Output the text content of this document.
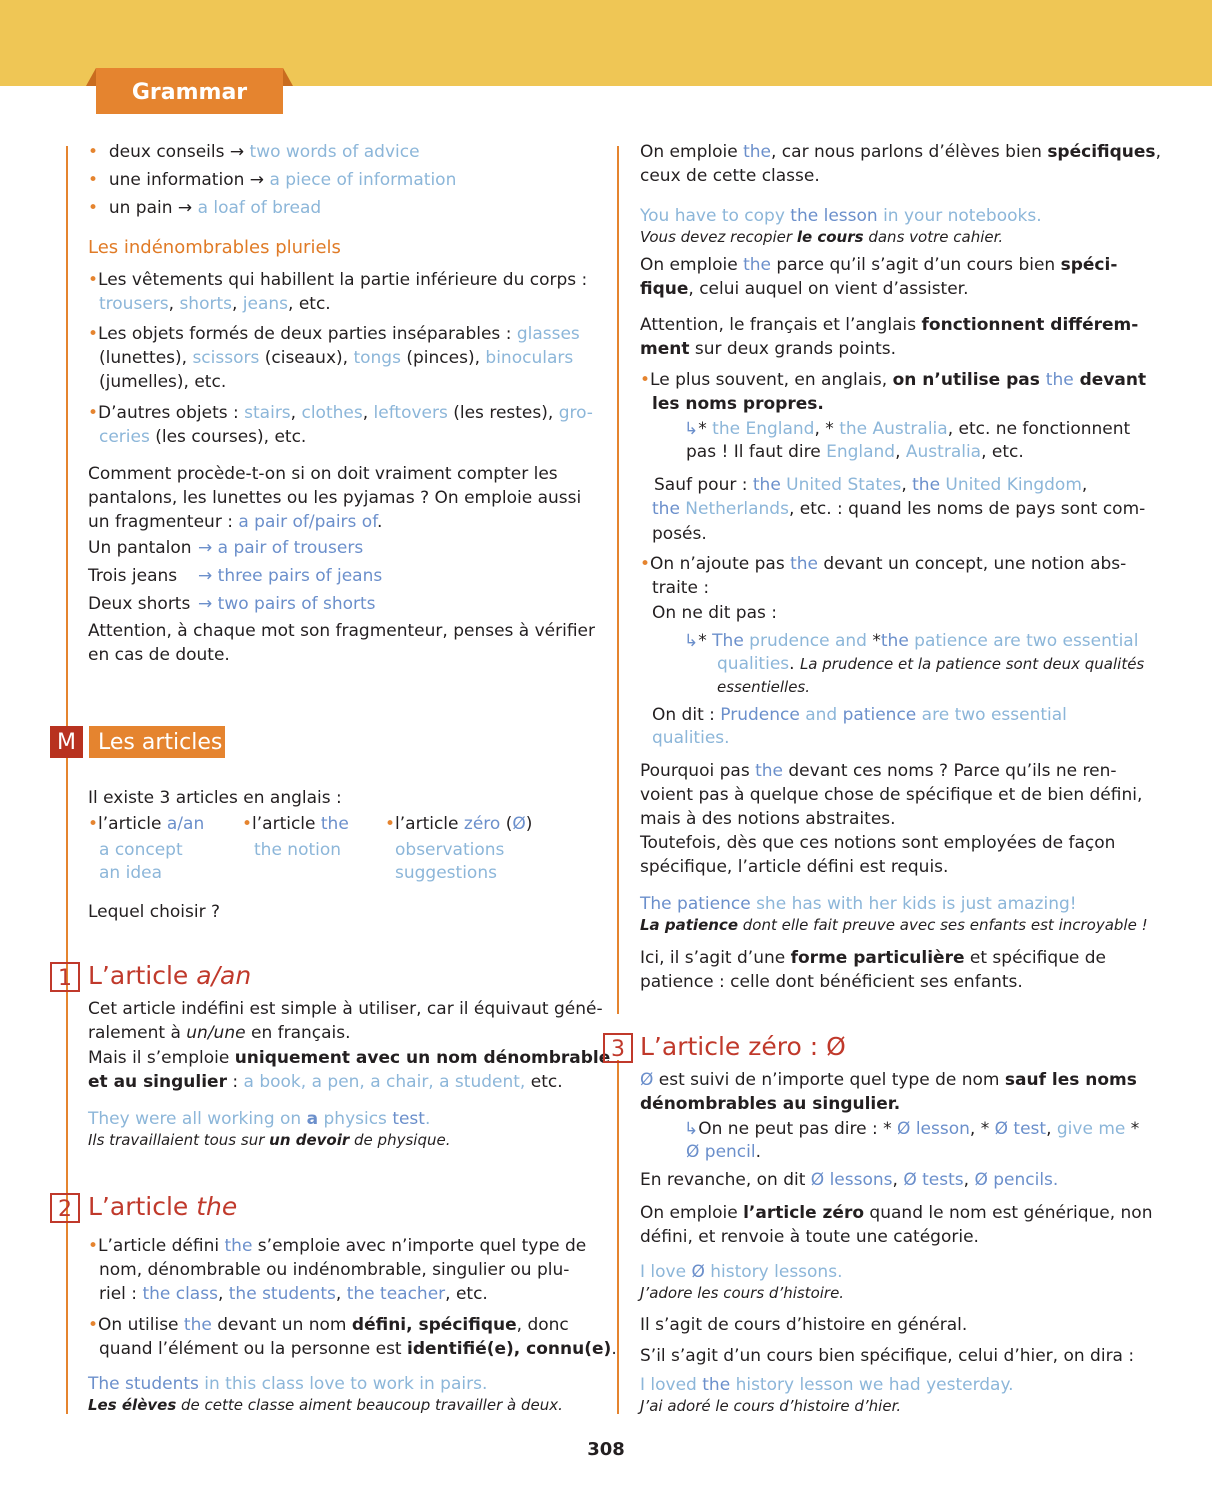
Grammar
• deux conseils → two words of advice
• une information → a piece of information
• un pain → a loaf of bread
Les indénombrables pluriels
•Les vêtements qui habillent la partie inférieure du corps :
trousers, shorts, jeans, etc.
•Les objets formés de deux parties inséparables : glasses
(lunettes), scissors (ciseaux), tongs (pinces), binoculars
(jumelles), etc.
•D’autres objets : stairs, clothes, leftovers (les restes), gro-
ceries (les courses), etc.
Comment procède-t-on si on doit vraiment compter les
pantalons, les lunettes ou les pyjamas ? On emploie aussi
un fragmenteur : a pair of/pairs of.
Un pantalon → a pair of trousers
Trois jeans → three pairs of jeans
Deux shorts → two pairs of shorts
Attention, à chaque mot son fragmenteur, penses à vérifier
en cas de doute.
M	Les articles
Il existe 3 articles en anglais :
•l’article a/an
a concept
an idea
•l’article the
the notion
•l’article zéro (Ø)
observations
suggestions
Lequel choisir ?
1 L’article a/an
Cet article indéfini est simple à utiliser, car il équivaut géné-
ralement à un/une en français.
Mais il s’emploie uniquement avec un nom dénombrable
et au singulier : a book, a pen, a chair, a student, etc.
They were all working on a physics test.
Ils travaillaient tous sur un devoir de physique.
2 L’article the
•L’article défini the s’emploie avec n’importe quel type de
nom, dénombrable ou indénombrable, singulier ou plu-
riel : the class, the students, the teacher, etc.
•On utilise the devant un nom défini, spécifique, donc
quand l’élément ou la personne est identifié(e), connu(e).
The students in this class love to work in pairs.
Les élèves de cette classe aiment beaucoup travailler à deux.
On emploie the, car nous parlons d’élèves bien spécifiques,
ceux de cette classe.
You have to copy the lesson in your notebooks.
Vous devez recopier le cours dans votre cahier.
On emploie the parce qu’il s’agit d’un cours bien spéci-
fique, celui auquel on vient d’assister.
Attention, le français et l’anglais fonctionnent différem-
ment sur deux grands points.
•Le plus souvent, en anglais, on n’utilise pas the devant
les noms propres.
↳* the England, * the Australia, etc. ne fonctionnent
pas ! Il faut dire England, Australia, etc.
Sauf pour : the United States, the United Kingdom,
the Netherlands, etc. : quand les noms de pays sont com-
posés.
•On n’ajoute pas the devant un concept, une notion abs-
traite :
On ne dit pas :
↳* The prudence and *the patience are two essential
qualities. La prudence et la patience sont deux qualités
essentielles.
On dit : Prudence and patience are two essential
qualities.
Pourquoi pas the devant ces noms ? Parce qu’ils ne ren-
voient pas à quelque chose de spécifique et de bien défini,
mais à des notions abstraites.
Toutefois, dès que ces notions sont employées de façon
spécifique, l’article défini est requis.
The patience she has with her kids is just amazing!
La patience dont elle fait preuve avec ses enfants est incroyable !
Ici, il s’agit d’une forme particulière et spécifique de
patience : celle dont bénéficient ses enfants.
3 L’article zéro : Ø
Ø est suivi de n’importe quel type de nom sauf les noms
dénombrables au singulier.
↳On ne peut pas dire : * Ø lesson, * Ø test, give me *
Ø pencil.
En revanche, on dit Ø lessons, Ø tests, Ø pencils.
On emploie l’article zéro quand le nom est générique, non
défini, et renvoie à toute une catégorie.
I love Ø history lessons.
J’adore les cours d’histoire.
Il s’agit de cours d’histoire en général.
S’il s’agit d’un cours bien spécifique, celui d’hier, on dira :
I loved the history lesson we had yesterday.
J’ai adoré le cours d’histoire d’hier.
308
